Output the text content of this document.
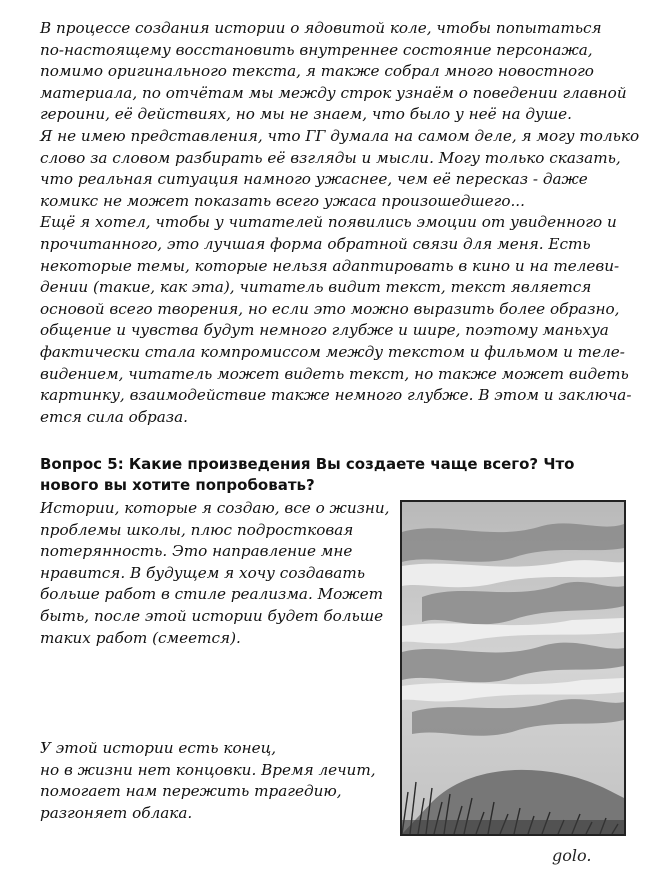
В процессе создания истории о ядовитой коле, чтобы попытаться
по-настоящему восстановить внутреннее состояние персонажа,
помимо оригинального текста, я также собрал много новостного
материала, по отчётам мы между строк узнаём о поведении главной
героини, её действиях, но мы не знаем, что было у неё на душе.
Я не имею представления, что ГГ думала на самом деле, я могу только
слово за словом разбирать её взгляды и мысли. Могу только сказать,
что реальная ситуация намного ужаснее, чем её пересказ - даже
комикс не может показать всего ужаса произошедшего...
Ещё я хотел, чтобы у читателей появились эмоции от увиденного и
прочитанного, это лучшая форма обратной связи для меня. Есть
некоторые темы, которые нельзя адаптировать в кино и на телеви-
дении (такие, как эта), читатель видит текст, текст является
основой всего творения, но если это можно выразить более образно,
общение и чувства будут немного глубже и шире, поэтому маньхуа
фактически стала компромиссом между текстом и фильмом и теле-
видением, читатель может видеть текст, но также может видеть
картинку, взаимодействие также немного глубже. В этом и заключа-
ется сила образа.
Вопрос 5: Какие произведения Вы создаете чаще всего? Что
нового вы хотите попробовать?
Истории, которые я создаю, все о жизни,
проблемы школы, плюс подростковая
потерянность. Это направление мне
нравится. В будущем я хочу создавать
больше работ в стиле реализма. Может
быть, после этой истории будет больше
таких работ (смеется).
У этой истории есть конец,
но в жизни нет концовки. Время лечит,
помогает нам пережить трагедию,
разгоняет облака.
golo.
